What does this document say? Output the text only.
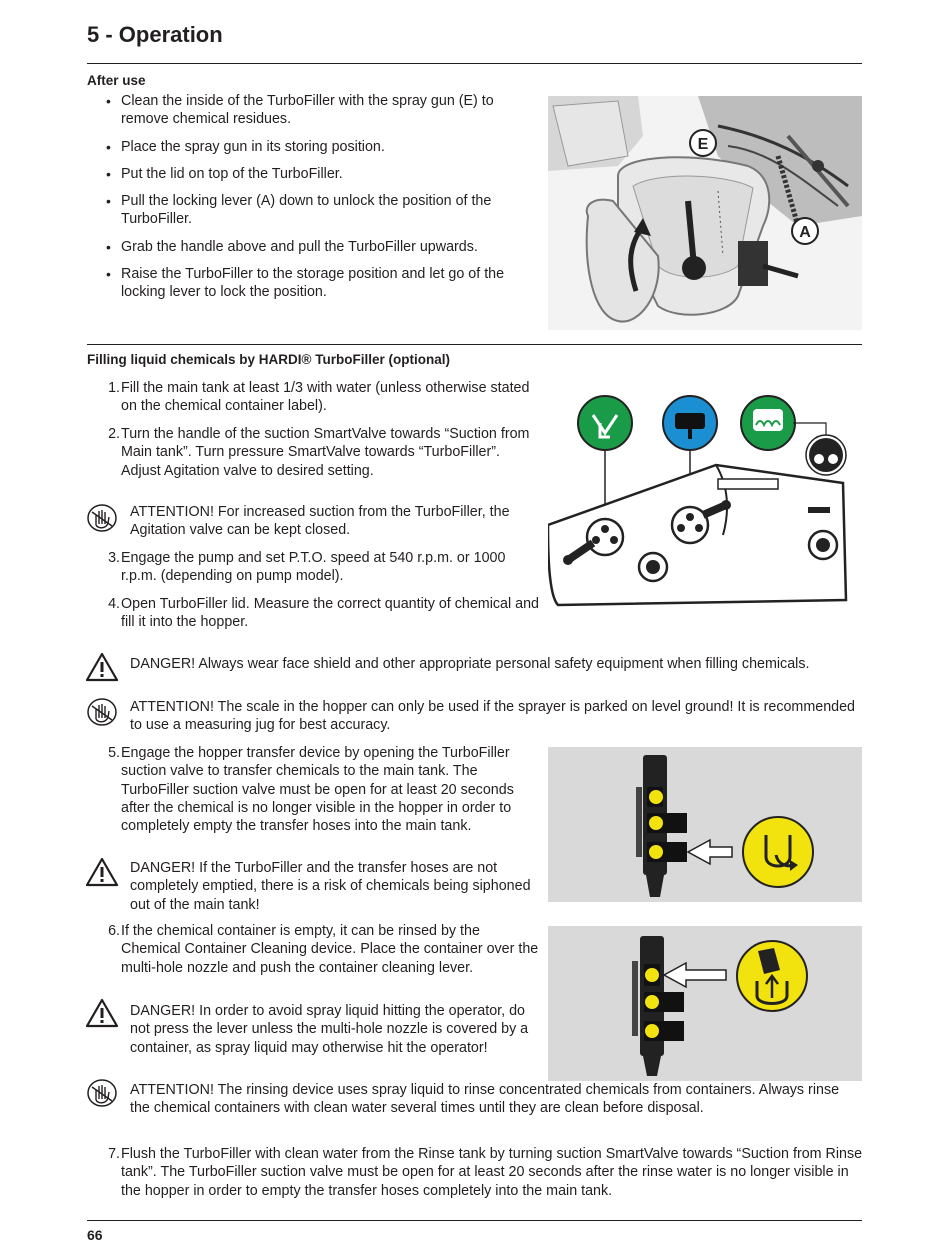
5 - Operation
After use
• Clean the inside of the TurboFiller with the spray gun (E) to remove chemical residues.
• Place the spray gun in its storing position.
• Put the lid on top of the TurboFiller.
• Pull the locking lever (A) down to unlock the position of the TurboFiller.
• Grab the handle above and pull the TurboFiller upwards.
• Raise the TurboFiller to the storage position and let go of the locking lever to lock the position.
E
A
Filling liquid chemicals by HARDI® TurboFiller (optional)
1. Fill the main tank at least 1/3 with water (unless otherwise stated on the chemical container label).
2. Turn the handle of the suction SmartValve towards “Suction from Main tank”. Turn pressure SmartValve towards “TurboFiller”. Adjust Agitation valve to desired setting.
ATTENTION! For increased suction from the TurboFiller, the Agitation valve can be kept closed.
3. Engage the pump and set P.T.O. speed at 540 r.p.m. or 1000 r.p.m. (depending on pump model).
4. Open TurboFiller lid. Measure the correct quantity of chemical and fill it into the hopper.
DANGER! Always wear face shield and other appropriate personal safety equipment when filling chemicals.
ATTENTION! The scale in the hopper can only be used if the sprayer is parked on level ground! It is recommended to use a measuring jug for best accuracy.
5. Engage the hopper transfer device by opening the TurboFiller suction valve to transfer chemicals to the main tank. The TurboFiller suction valve must be open for at least 20 seconds after the chemical is no longer visible in the hopper in order to completely empty the transfer hoses into the main tank.
DANGER! If the TurboFiller and the transfer hoses are not completely emptied, there is a risk of chemicals being siphoned out of the main tank!
6. If the chemical container is empty, it can be rinsed by the Chemical Container Cleaning device. Place the container over the multi-hole nozzle and push the container cleaning lever.
DANGER! In order to avoid spray liquid hitting the operator, do not press the lever unless the multi-hole nozzle is covered by a container, as spray liquid may otherwise hit the operator!
ATTENTION! The rinsing device uses spray liquid to rinse concentrated chemicals from containers. Always rinse the chemical containers with clean water several times until they are clean before disposal.
7. Flush the TurboFiller with clean water from the Rinse tank by turning suction SmartValve towards “Suction from Rinse tank”. The TurboFiller suction valve must be open for at least 20 seconds after the rinse water is no longer visible in the hopper in order to empty the transfer hoses completely into the main tank.
66
